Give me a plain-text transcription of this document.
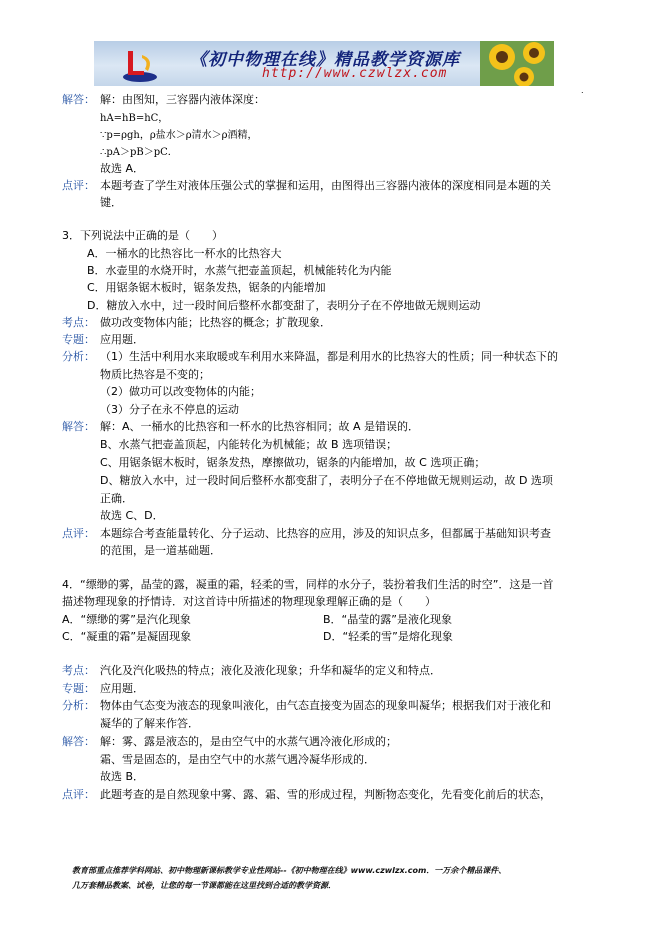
《初中物理在线》精品教学资源库
http://www.czwlzx.com
.
解答： 解：由图知，三容器内液体深度：
hA=hB=hC，
∵p=ρgh，ρ盐水＞ρ清水＞ρ酒精，
∴pA＞pB＞pC．
故选 A．
点评： 本题考查了学生对液体压强公式的掌握和运用，由图得出三容器内液体的深度相同是本题的关
键．
3．下列说法中正确的是（　　）
A．一桶水的比热容比一杯水的比热容大
B．水壶里的水烧开时，水蒸气把壶盖顶起，机械能转化为内能
C．用锯条锯木板时，锯条发热，锯条的内能增加
D．糖放入水中，过一段时间后整杯水都变甜了，表明分子在不停地做无规则运动
考点： 做功改变物体内能；比热容的概念；扩散现象．
专题： 应用题．
分析： （1）生活中利用水来取暖或车利用水来降温，都是利用水的比热容大的性质；同一种状态下的
物质比热容是不变的；
（2）做功可以改变物体的内能；
（3）分子在永不停息的运动
解答： 解：A、一桶水的比热容和一杯水的比热容相同；故 A 是错误的．
B、水蒸气把壶盖顶起，内能转化为机械能；故 B 选项错误；
C、用锯条锯木板时，锯条发热，摩擦做功，锯条的内能增加，故 C 选项正确；
D、糖放入水中，过一段时间后整杯水都变甜了，表明分子在不停地做无规则运动，故 D 选项
正确．
故选 C、D．
点评： 本题综合考查能量转化、分子运动、比热容的应用，涉及的知识点多，但都属于基础知识考查
的范围，是一道基础题．
4．“缥缈的雾，晶莹的露，凝重的霜，轻柔的雪，同样的水分子，装扮着我们生活的时空”．这是一首
描述物理现象的抒情诗．对这首诗中所描述的物理现象理解正确的是（　　）
A．“缥缈的雾”是汽化现象	B．“晶莹的露”是液化现象
C．“凝重的霜”是凝固现象	D．“轻柔的雪”是熔化现象
考点： 汽化及汽化吸热的特点；液化及液化现象；升华和凝华的定义和特点．
专题： 应用题．
分析： 物体由气态变为液态的现象叫液化，由气态直接变为固态的现象叫凝华；根据我们对于液化和
凝华的了解来作答．
解答： 解：雾、露是液态的，是由空气中的水蒸气遇冷液化形成的；
霜、雪是固态的，是由空气中的水蒸气遇冷凝华形成的．
故选 B．
点评： 此题考查的是自然现象中雾、露、霜、雪的形成过程，判断物态变化，先看变化前后的状态，
教育部重点推荐学科网站、初中物理新课标教学专业性网站--《初中物理在线》www.czwlzx.com．一万余个精品课件、
几万套精品教案、试卷，让您的每一节课都能在这里找到合适的教学资源．
